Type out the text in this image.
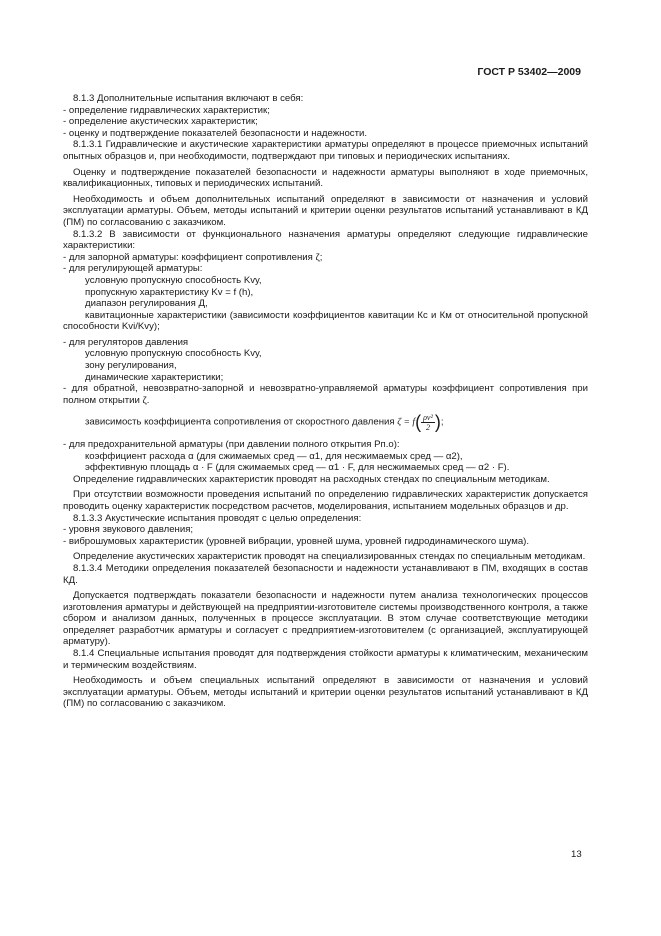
ГОСТ Р 53402—2009

8.1.3 Дополнительные испытания включают в себя:

- определение гидравлических характеристик;

- определение акустических характеристик;

- оценку и подтверждение показателей безопасности и надежности.

8.1.3.1 Гидравлические и акустические характеристики арматуры определяют в процессе приемочных испытаний опытных образцов и, при необходимости, подтверждают при типовых и периодических испытаниях.

Оценку и подтверждение показателей безопасности и надежности арматуры выполняют в ходе приемочных, квалификационных, типовых и периодических испытаний.

Необходимость и объем дополнительных испытаний определяют в зависимости от назначения и условий эксплуатации арматуры. Объем, методы испытаний и критерии оценки результатов испытаний устанавливают в КД (ПМ) по согласованию с заказчиком.

8.1.3.2 В зависимости от функционального назначения арматуры определяют следующие гидравлические характеристики:

- для запорной арматуры: коэффициент сопротивления ζ;

- для регулирующей арматуры:

условную пропускную способность Kvу,

пропускную характеристику Kv = f (h),

диапазон регулирования Д,

кавитационные характеристики (зависимости коэффициентов кавитации Кс и Км от относительной пропускной способности Kvi/Kvу);

- для регуляторов давления

условную пропускную способность Kvу,

зону регулирования,

динамические характеристики;

- для обратной, невозвратно-запорной и невозвратно-управляемой арматуры коэффициент сопротивления при полном открытии ζ.

зависимость коэффициента сопротивления от скоростного давления $\zeta = f( \frac{\text{ρv²}}{2}$ );

- для предохранительной арматуры (при давлении полного открытия Pп.о):

коэффициент расхода α (для сжимаемых сред — α1, для несжимаемых сред — α2),

эффективную площадь α · F (для сжимаемых сред — α1 · F, для несжимаемых сред — α2 · F).

Определение гидравлических характеристик проводят на расходных стендах по специальным методикам.

При отсутствии возможности проведения испытаний по определению гидравлических характеристик допускается проводить оценку характеристик посредством расчетов, моделирования, испытанием модельных образцов и др.

8.1.3.3 Акустические испытания проводят с целью определения:

- уровня звукового давления;

- виброшумовых характеристик (уровней вибрации, уровней шума, уровней гидродинамического шума).

Определение акустических характеристик проводят на специализированных стендах по специальным методикам.

8.1.3.4 Методики определения показателей безопасности и надежности устанавливают в ПМ, входящих в состав КД.

Допускается подтверждать показатели безопасности и надежности путем анализа технологических процессов изготовления арматуры и действующей на предприятии-изготовителе системы производственного контроля, а также сбором и анализом данных, полученных в процессе эксплуатации. В этом случае соответствующие методики определяет разработчик арматуры и согласует с предприятием-изготовителем (с организацией, эксплуатирующей арматуру).

8.1.4 Специальные испытания проводят для подтверждения стойкости арматуры к климатическим, механическим и термическим воздействиям.

Необходимость и объем специальных испытаний определяют в зависимости от назначения и условий эксплуатации арматуры. Объем, методы испытаний и критерии оценки результатов испытаний устанавливают в КД (ПМ) по согласованию с заказчиком.

13
